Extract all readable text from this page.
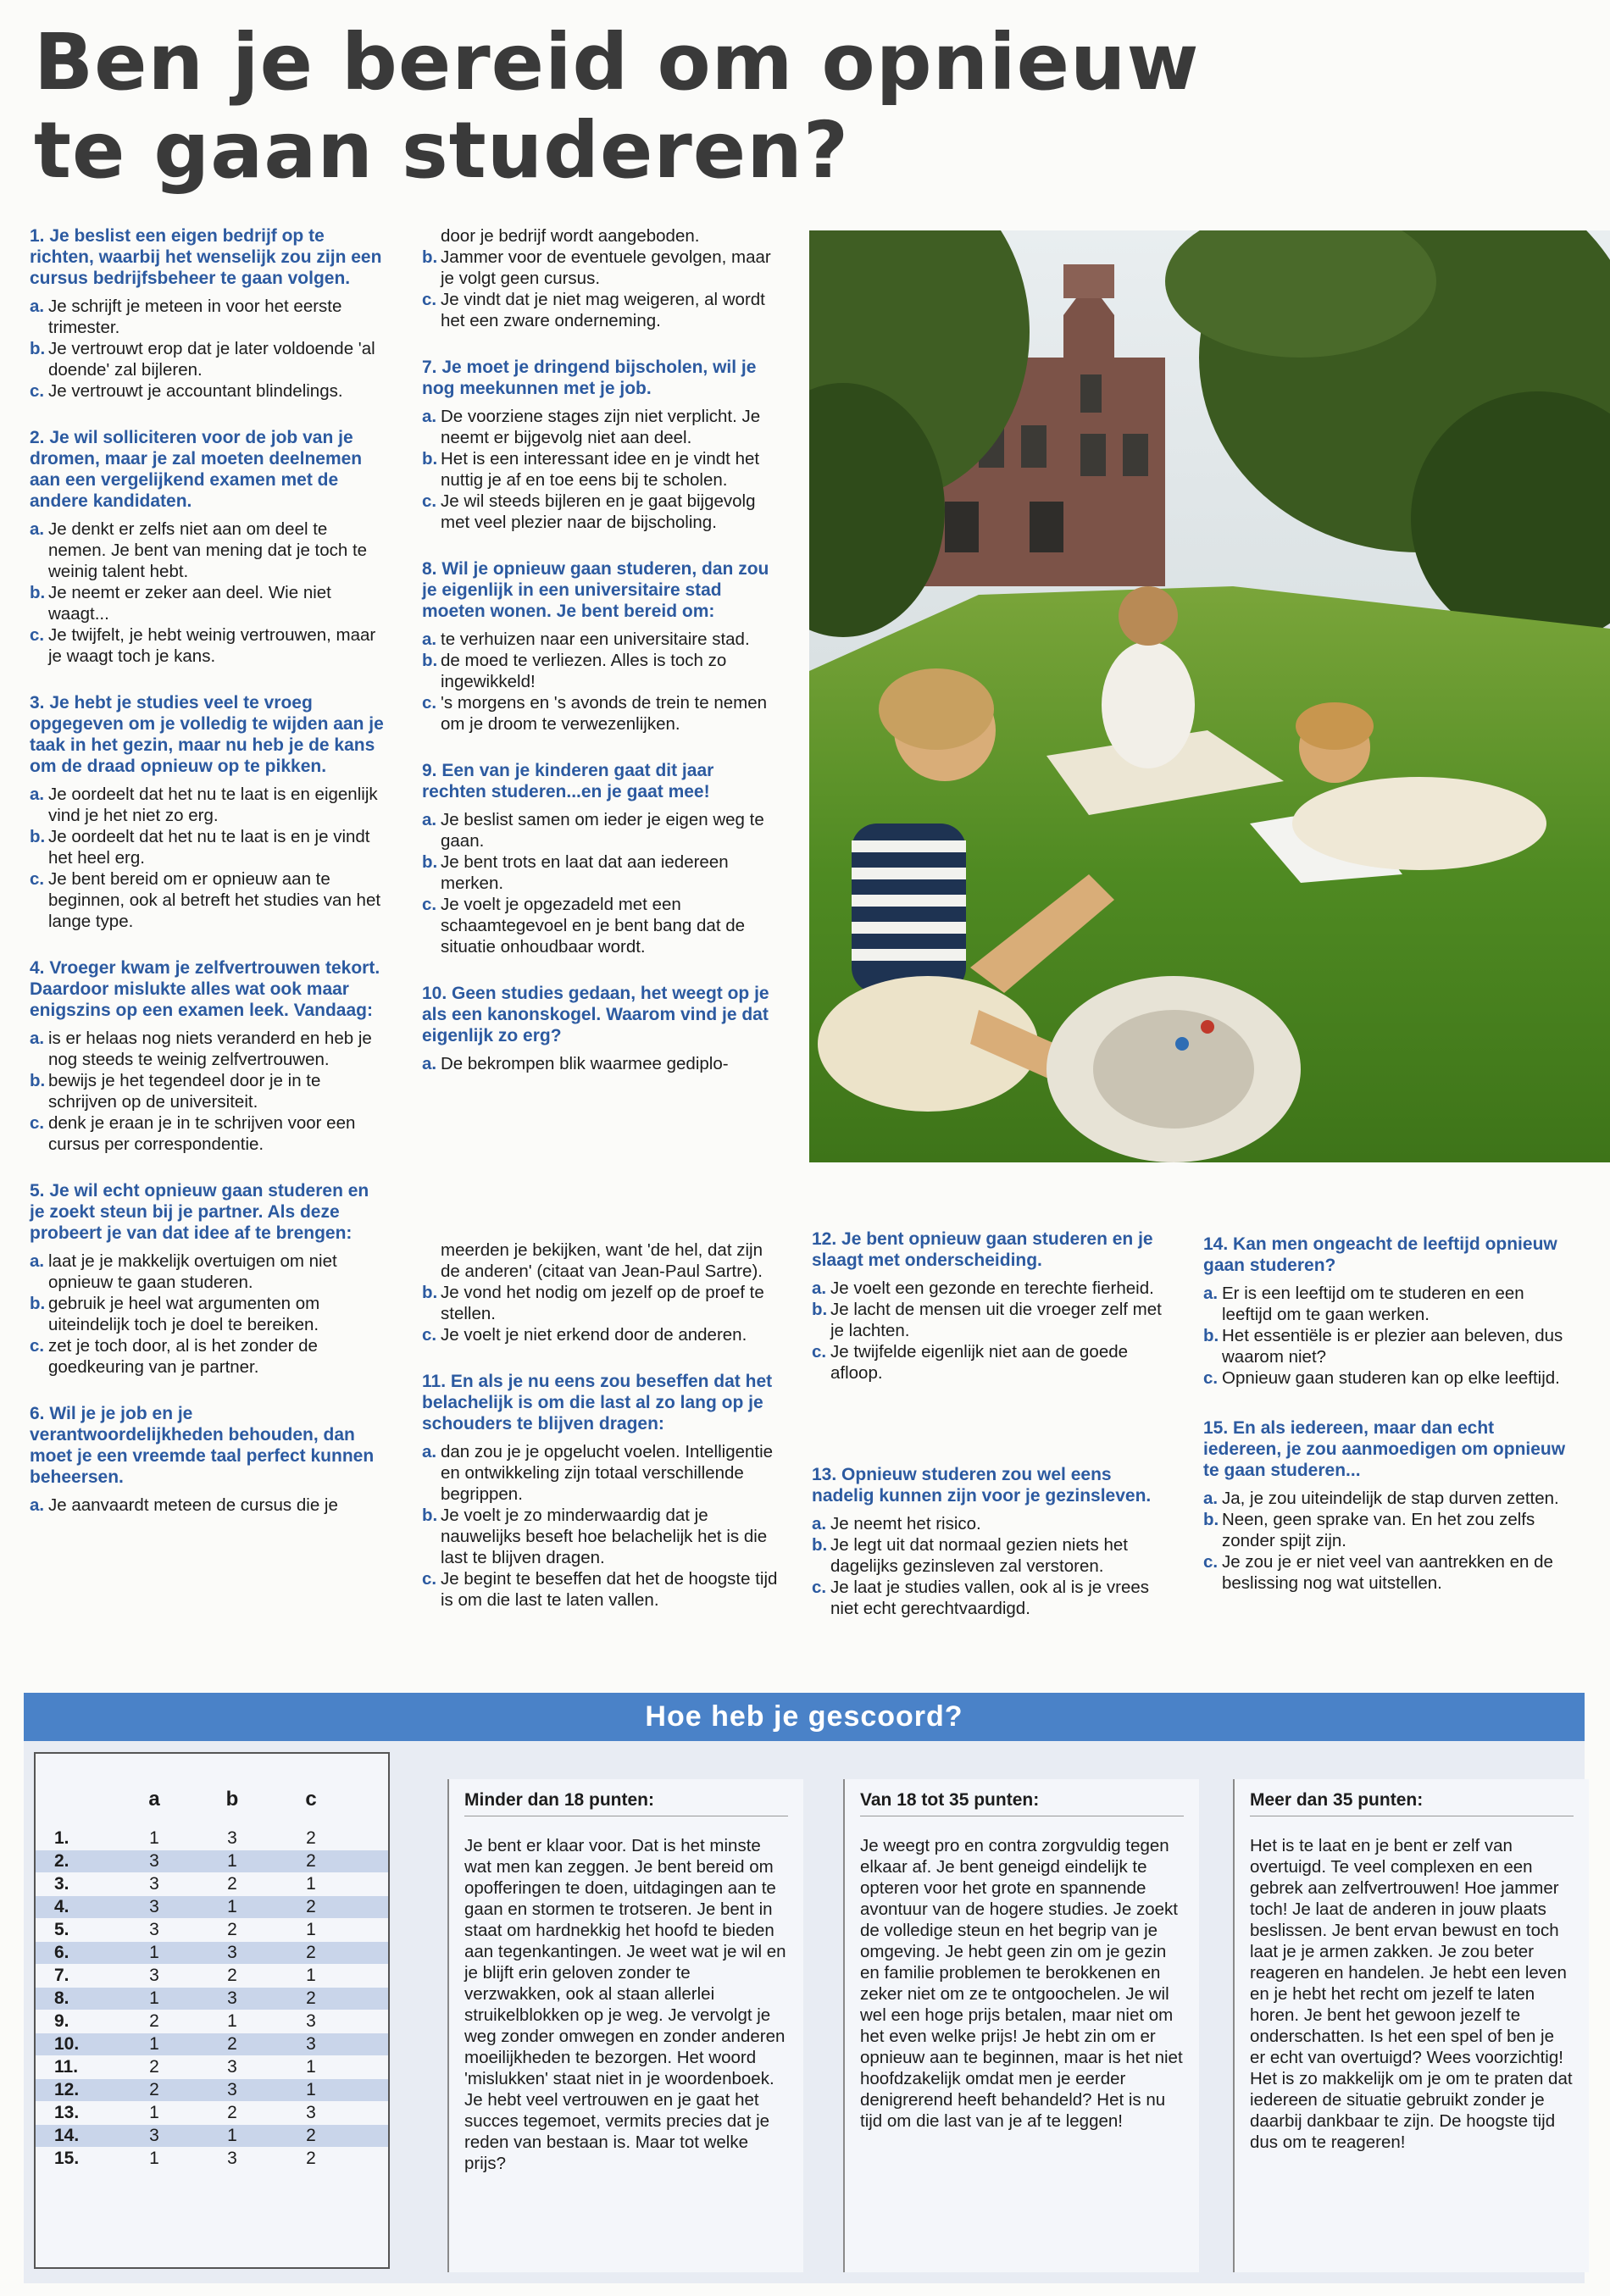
Ben je bereid om opnieuw te gaan studeren?
1. Je beslist een eigen bedrijf op te richten, waarbij het wenselijk zou zijn een cursus bedrijfsbeheer te gaan volgen.
a. Je schrijft je meteen in voor het eerste trimester.
b. Je vertrouwt erop dat je later voldoende 'al doende' zal bijleren.
c. Je vertrouwt je accountant blindelings.
2. Je wil solliciteren voor de job van je dromen, maar je zal moeten deelnemen aan een vergelijkend examen met de andere kandidaten.
a. Je denkt er zelfs niet aan om deel te nemen. Je bent van mening dat je toch te weinig talent hebt.
b. Je neemt er zeker aan deel. Wie niet waagt...
c. Je twijfelt, je hebt weinig vertrouwen, maar je waagt toch je kans.
3. Je hebt je studies veel te vroeg opgegeven om je volledig te wijden aan je taak in het gezin, maar nu heb je de kans om de draad opnieuw op te pikken.
a. Je oordeelt dat het nu te laat is en eigenlijk vind je het niet zo erg.
b. Je oordeelt dat het nu te laat is en je vindt het heel erg.
c. Je bent bereid om er opnieuw aan te beginnen, ook al betreft het studies van het lange type.
4. Vroeger kwam je zelfvertrouwen tekort. Daardoor mislukte alles wat ook maar enigszins op een examen leek. Vandaag:
a. is er helaas nog niets veranderd en heb je nog steeds te weinig zelfvertrouwen.
b. bewijs je het tegendeel door je in te schrijven op de universiteit.
c. denk je eraan je in te schrijven voor een cursus per correspondentie.
5. Je wil echt opnieuw gaan studeren en je zoekt steun bij je partner. Als deze probeert je van dat idee af te brengen:
a. laat je je makkelijk overtuigen om niet opnieuw te gaan studeren.
b. gebruik je heel wat argumenten om uiteindelijk toch je doel te bereiken.
c. zet je toch door, al is het zonder de goedkeuring van je partner.
6. Wil je je job en je verantwoordelijkheden behouden, dan moet je een vreemde taal perfect kunnen beheersen.
a. Je aanvaardt meteen de cursus die je
door je bedrijf wordt aangeboden.
b. Jammer voor de eventuele gevolgen, maar je volgt geen cursus.
c. Je vindt dat je niet mag weigeren, al wordt het een zware onderneming.
7. Je moet je dringend bijscholen, wil je nog meekunnen met je job.
a. De voorziene stages zijn niet verplicht. Je neemt er bijgevolg niet aan deel.
b. Het is een interessant idee en je vindt het nuttig je af en toe eens bij te scholen.
c. Je wil steeds bijleren en je gaat bijgevolg met veel plezier naar de bijscholing.
8. Wil je opnieuw gaan studeren, dan zou je eigenlijk in een universitaire stad moeten wonen. Je bent bereid om:
a. te verhuizen naar een universitaire stad.
b. de moed te verliezen. Alles is toch zo ingewikkeld!
c. 's morgens en 's avonds de trein te nemen om je droom te verwezenlijken.
9. Een van je kinderen gaat dit jaar rechten studeren...en je gaat mee!
a. Je beslist samen om ieder je eigen weg te gaan.
b. Je bent trots en laat dat aan iedereen merken.
c. Je voelt je opgezadeld met een schaamtegevoel en je bent bang dat de situatie onhoudbaar wordt.
10. Geen studies gedaan, het weegt op je als een kanonskogel. Waarom vind je dat eigenlijk zo erg?
a. De bekrompen blik waarmee gediplo-
meerden je bekijken, want 'de hel, dat zijn de anderen' (citaat van Jean-Paul Sartre).
b. Je vond het nodig om jezelf op de proef te stellen.
c. Je voelt je niet erkend door de anderen.
11. En als je nu eens zou beseffen dat het belachelijk is om die last al zo lang op je schouders te blijven dragen:
a. dan zou je je opgelucht voelen. Intelligentie en ontwikkeling zijn totaal verschillende begrippen.
b. Je voelt je zo minderwaardig dat je nauwelijks beseft hoe belachelijk het is die last te blijven dragen.
c. Je begint te beseffen dat het de hoogste tijd is om die last te laten vallen.
12. Je bent opnieuw gaan studeren en je slaagt met onderscheiding.
a. Je voelt een gezonde en terechte fierheid.
b. Je lacht de mensen uit die vroeger zelf met je lachten.
c. Je twijfelde eigenlijk niet aan de goede afloop.
13. Opnieuw studeren zou wel eens nadelig kunnen zijn voor je gezinsleven.
a. Je neemt het risico.
b. Je legt uit dat normaal gezien niets het dagelijks gezinsleven zal verstoren.
c. Je laat je studies vallen, ook al is je vrees niet echt gerechtvaardigd.
14. Kan men ongeacht de leeftijd opnieuw gaan studeren?
a. Er is een leeftijd om te studeren en een leeftijd om te gaan werken.
b. Het essentiële is er plezier aan beleven, dus waarom niet?
c. Opnieuw gaan studeren kan op elke leeftijd.
15. En als iedereen, maar dan echt iedereen, je zou aanmoedigen om opnieuw te gaan studeren...
a. Ja, je zou uiteindelijk de stap durven zetten.
b. Neen, geen sprake van. En het zou zelfs zonder spijt zijn.
c. Je zou je er niet veel van aantrekken en de beslissing nog wat uitstellen.
Hoe heb je gescoord?
a	b	c
1.	1	3	2
2.	3	1	2
3.	3	2	1
4.	3	1	2
5.	3	2	1
6.	1	3	2
7.	3	2	1
8.	1	3	2
9.	2	1	3
10.	1	2	3
11.	2	3	1
12.	2	3	1
13.	1	2	3
14.	3	1	2
15.	1	3	2
Minder dan 18 punten:
Je bent er klaar voor. Dat is het minste wat men kan zeggen. Je bent bereid om opofferingen te doen, uitdagingen aan te gaan en stormen te trotseren. Je bent in staat om hardnekkig het hoofd te bieden aan tegenkantingen. Je weet wat je wil en je blijft erin geloven zonder te verzwakken, ook al staan allerlei struikelblokken op je weg. Je vervolgt je weg zonder omwegen en zonder anderen moeilijkheden te bezorgen. Het woord 'mislukken' staat niet in je woordenboek. Je hebt veel vertrouwen en je gaat het succes tegemoet, vermits precies dat je reden van bestaan is. Maar tot welke prijs?
Van 18 tot 35 punten:
Je weegt pro en contra zorgvuldig tegen elkaar af. Je bent geneigd eindelijk te opteren voor het grote en spannende avontuur van de hogere studies. Je zoekt de volledige steun en het begrip van je omgeving. Je hebt geen zin om je gezin en familie problemen te berokkenen en zeker niet om ze te ontgoochelen. Je wil wel een hoge prijs betalen, maar niet om het even welke prijs! Je hebt zin om er opnieuw aan te beginnen, maar is het niet hoofdzakelijk omdat men je eerder denigrerend heeft behandeld? Het is nu tijd om die last van je af te leggen!
Meer dan 35 punten:
Het is te laat en je bent er zelf van overtuigd. Te veel complexen en een gebrek aan zelfvertrouwen! Hoe jammer toch! Je laat de anderen in jouw plaats beslissen. Je bent ervan bewust en toch laat je je armen zakken. Je zou beter reageren en handelen. Je hebt een leven en je hebt het recht om jezelf te laten horen. Je bent het gewoon jezelf te onderschatten. Is het een spel of ben je er echt van overtuigd? Wees voorzichtig! Het is zo makkelijk om je om te praten dat iedereen de situatie gebruikt zonder je daarbij dankbaar te zijn. De hoogste tijd dus om te reageren!
